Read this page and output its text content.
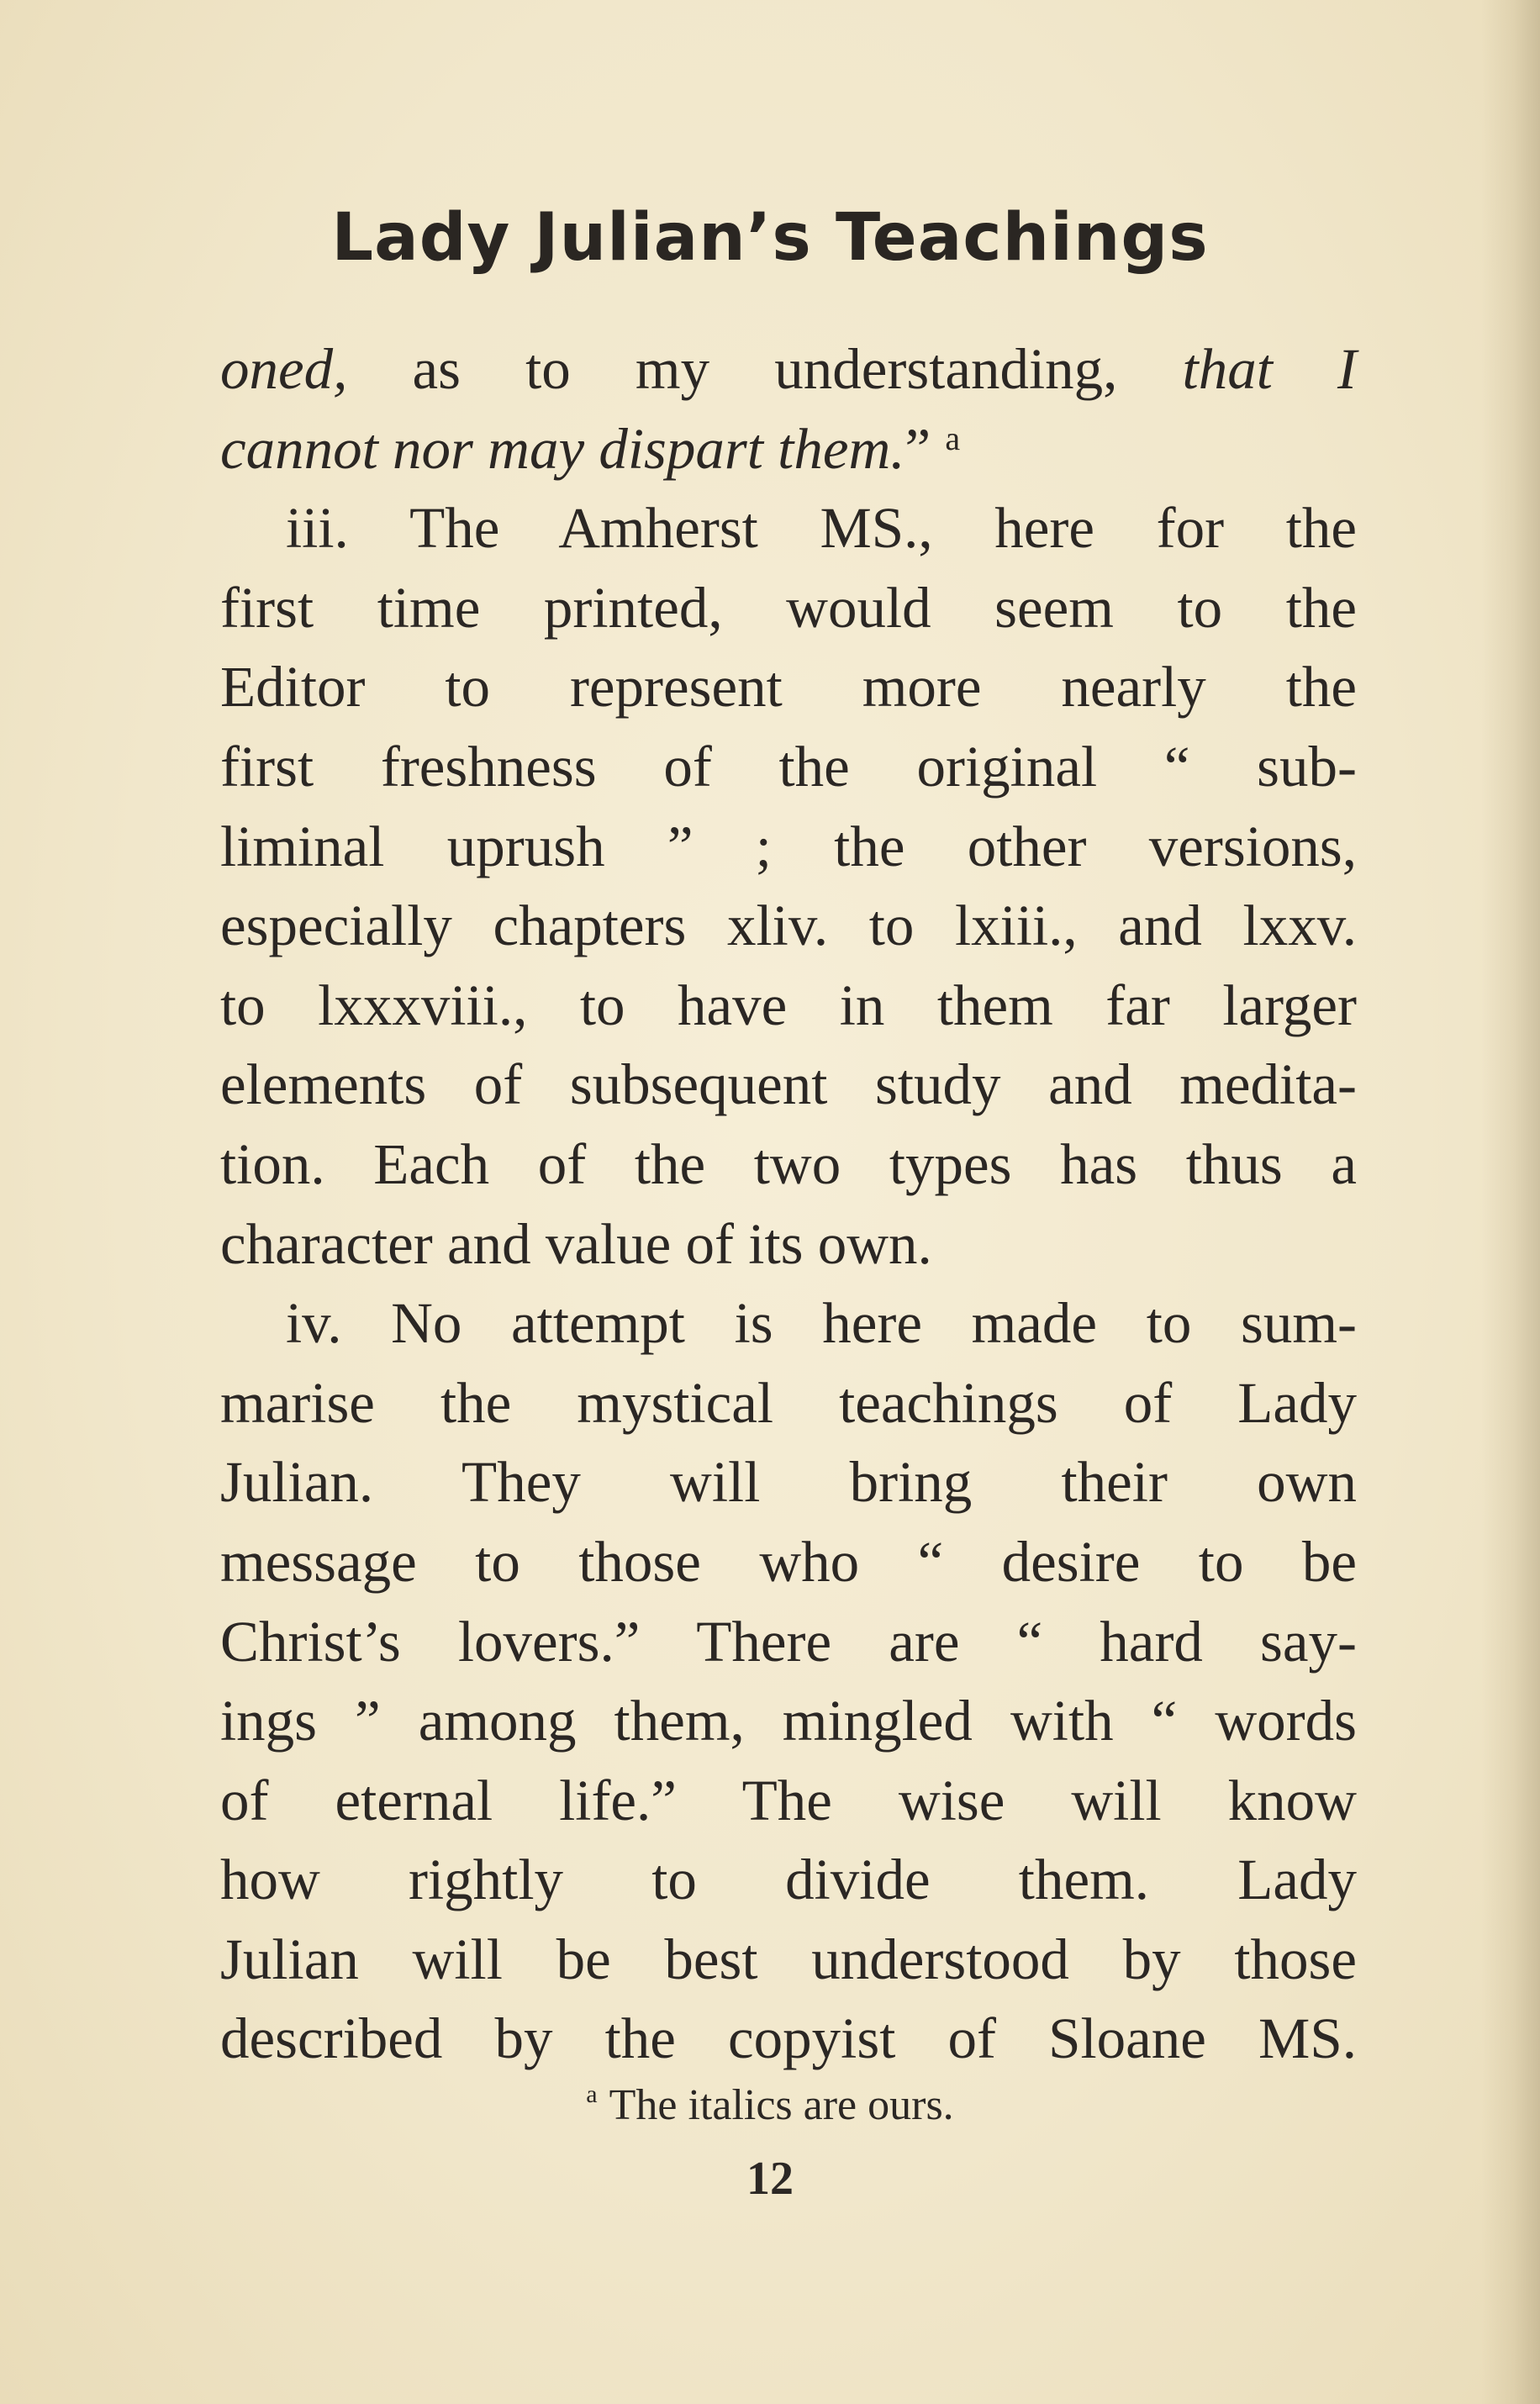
Lady Julian’s Teachings
oned, as to my understanding, that I
cannot nor may dispart them.” $^a$
iii. The Amherst MS., here for the
first time printed, would seem to the
Editor to represent more nearly the
first freshness of the original “ sub-
liminal uprush ” ; the other versions,
especially chapters xliv. to lxiii., and lxxv.
to lxxxviii., to have in them far larger
elements of subsequent study and medita-
tion. Each of the two types has thus a
character and value of its own.
iv. No attempt is here made to sum-
marise the mystical teachings of Lady
Julian. They will bring their own
message to those who “ desire to be
Christ’s lovers.” There are “ hard say-
ings ” among them, mingled with “ words
of eternal life.” The wise will know
how rightly to divide them. Lady
Julian will be best understood by those
described by the copyist of Sloane MS.
$^a$ The italics are ours.
12
